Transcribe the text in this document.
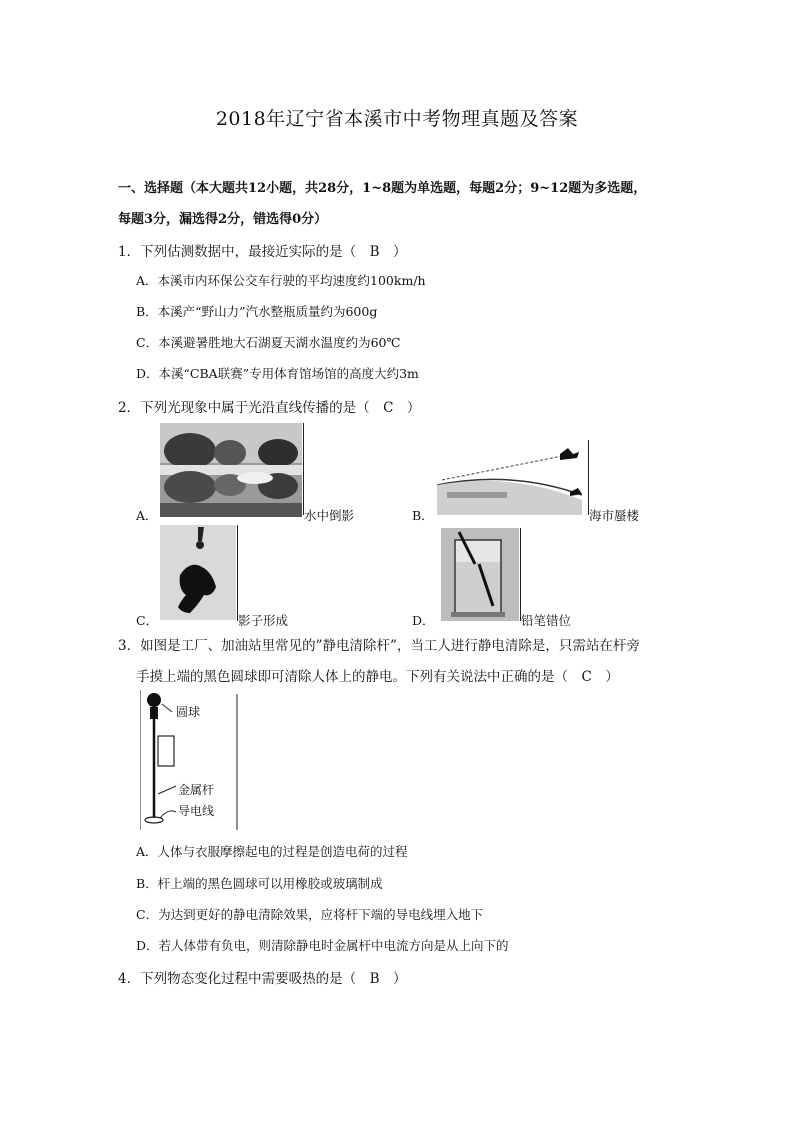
2018年辽宁省本溪市中考物理真题及答案
一、选择题（本大题共12小题，共28分，1~8题为单选题，每题2分；9~12题为多选题，
每题3分，漏选得2分，错选得0分）
1．下列估测数据中，最接近实际的是（　B　）
A．本溪市内环保公交车行驶的平均速度约100km/h
B．本溪产“野山力”汽水整瓶质量约为600g
C．本溪避暑胜地大石湖夏天湖水温度约为60℃
D．本溪“CBA联赛”专用体育馆场馆的高度大约3m
2．下列光现象中属于光沿直线传播的是（　C　）
A．	水中倒影	B．	海市蜃楼
C．	影子形成	D．	铅笔错位
3．如图是工厂、加油站里常见的”静电清除杆”，当工人进行静电清除是，只需站在杆旁
手摸上端的黑色圆球即可清除人体上的静电。下列有关说法中正确的是（　C　）
圆球
金属杆
导电线
A．人体与衣服摩擦起电的过程是创造电荷的过程
B．杆上端的黑色圆球可以用橡胶或玻璃制成
C．为达到更好的静电清除效果，应将杆下端的导电线埋入地下
D．若人体带有负电，则清除静电时金属杆中电流方向是从上向下的
4．下列物态变化过程中需要吸热的是（　B　）
